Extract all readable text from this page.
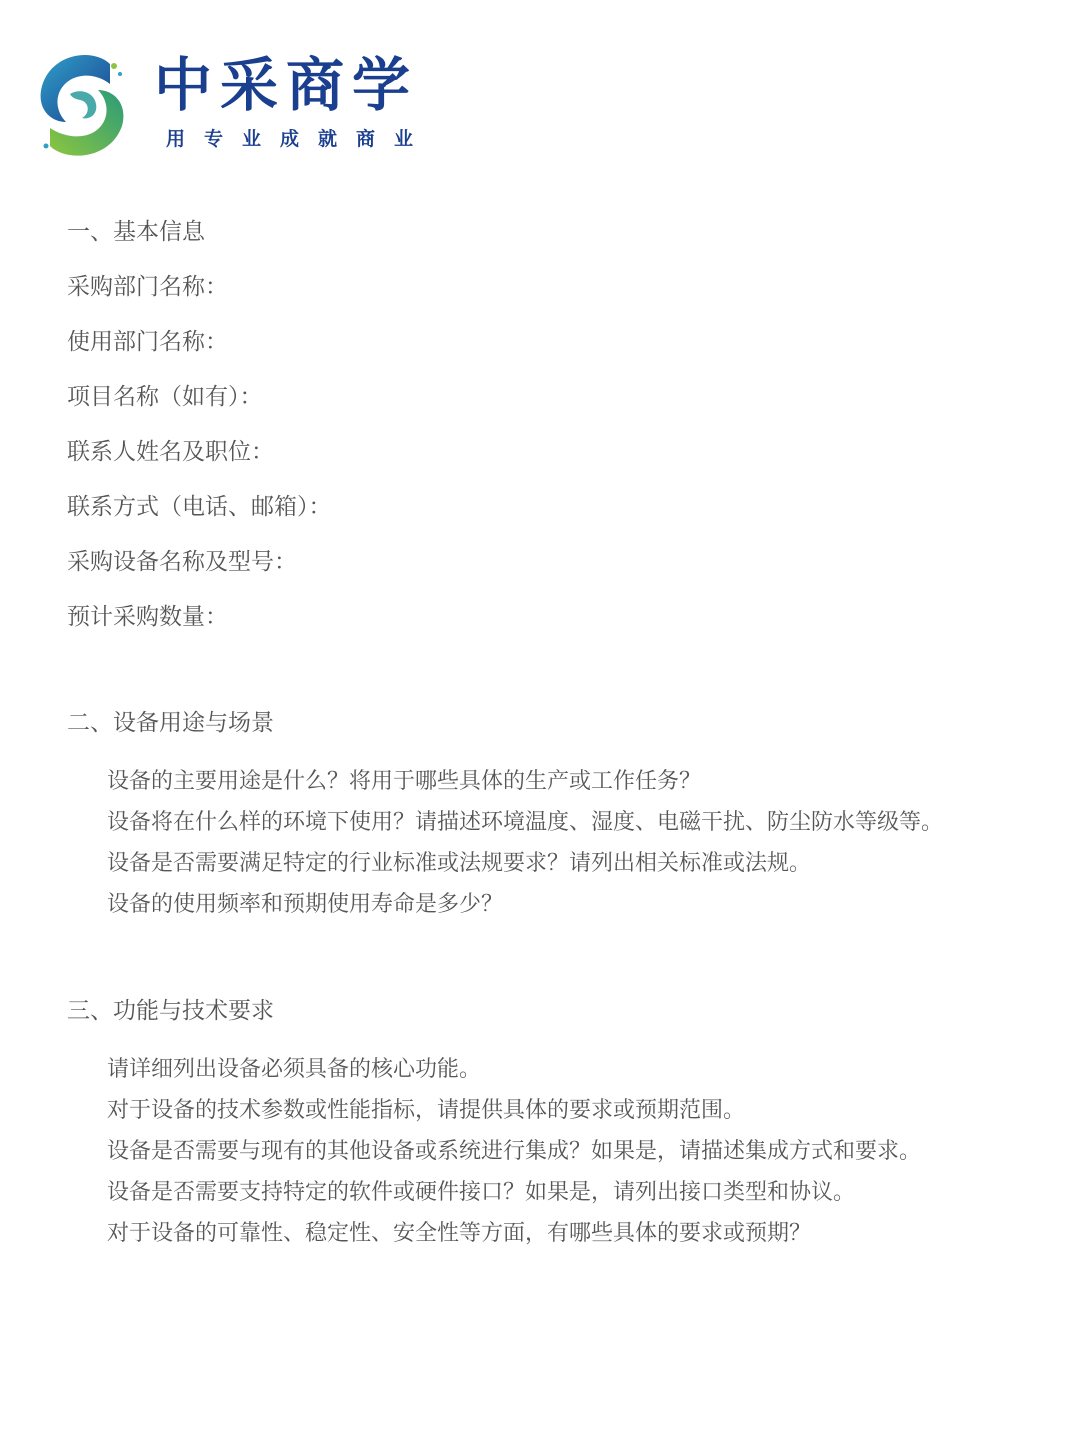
中采商学
用专业成就商业
一、基本信息
采购部门名称：
使用部门名称：
项目名称（如有）：
联系人姓名及职位：
联系方式（电话、邮箱）：
采购设备名称及型号：
预计采购数量：
二、设备用途与场景
设备的主要用途是什么？将用于哪些具体的生产或工作任务？
设备将在什么样的环境下使用？请描述环境温度、湿度、电磁干扰、防尘防水等级等。
设备是否需要满足特定的行业标准或法规要求？请列出相关标准或法规。
设备的使用频率和预期使用寿命是多少？
三、功能与技术要求
请详细列出设备必须具备的核心功能。
对于设备的技术参数或性能指标，请提供具体的要求或预期范围。
设备是否需要与现有的其他设备或系统进行集成？如果是，请描述集成方式和要求。
设备是否需要支持特定的软件或硬件接口？如果是，请列出接口类型和协议。
对于设备的可靠性、稳定性、安全性等方面，有哪些具体的要求或预期？
